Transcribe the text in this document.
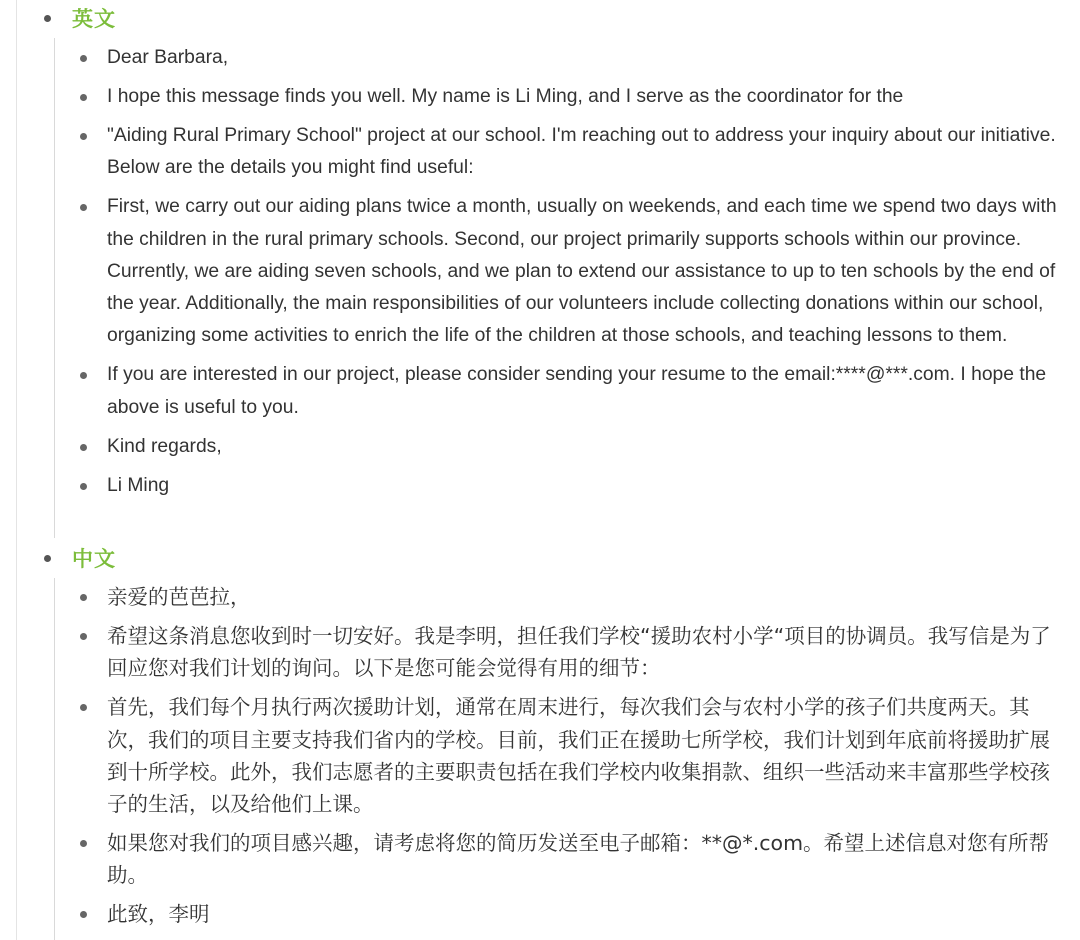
英文
Dear Barbara,
I hope this message finds you well. My name is Li Ming, and I serve as the coordinator for the
"Aiding Rural Primary School" project at our school. I'm reaching out to address your inquiry about our initiative. Below are the details you might find useful:
First, we carry out our aiding plans twice a month, usually on weekends, and each time we spend two days with the children in the rural primary schools. Second, our project primarily supports schools within our province. Currently, we are aiding seven schools, and we plan to extend our assistance to up to ten schools by the end of the year. Additionally, the main responsibilities of our volunteers include collecting donations within our school, organizing some activities to enrich the life of the children at those schools, and teaching lessons to them.
If you are interested in our project, please consider sending your resume to the email:****@***.com. I hope the above is useful to you.
Kind regards,
Li Ming
中文
亲爱的芭芭拉，
希望这条消息您收到时一切安好。我是李明，担任我们学校“援助农村小学“项目的协调员。我写信是为了回应您对我们计划的询问。以下是您可能会觉得有用的细节：
首先，我们每个月执行两次援助计划，通常在周末进行，每次我们会与农村小学的孩子们共度两天。其次，我们的项目主要支持我们省内的学校。目前，我们正在援助七所学校，我们计划到年底前将援助扩展到十所学校。此外，我们志愿者的主要职责包括在我们学校内收集捐款、组织一些活动来丰富那些学校孩子的生活，以及给他们上课。
如果您对我们的项目感兴趣，请考虑将您的简历发送至电子邮箱：**@*.com。希望上述信息对您有所帮助。
此致，李明
